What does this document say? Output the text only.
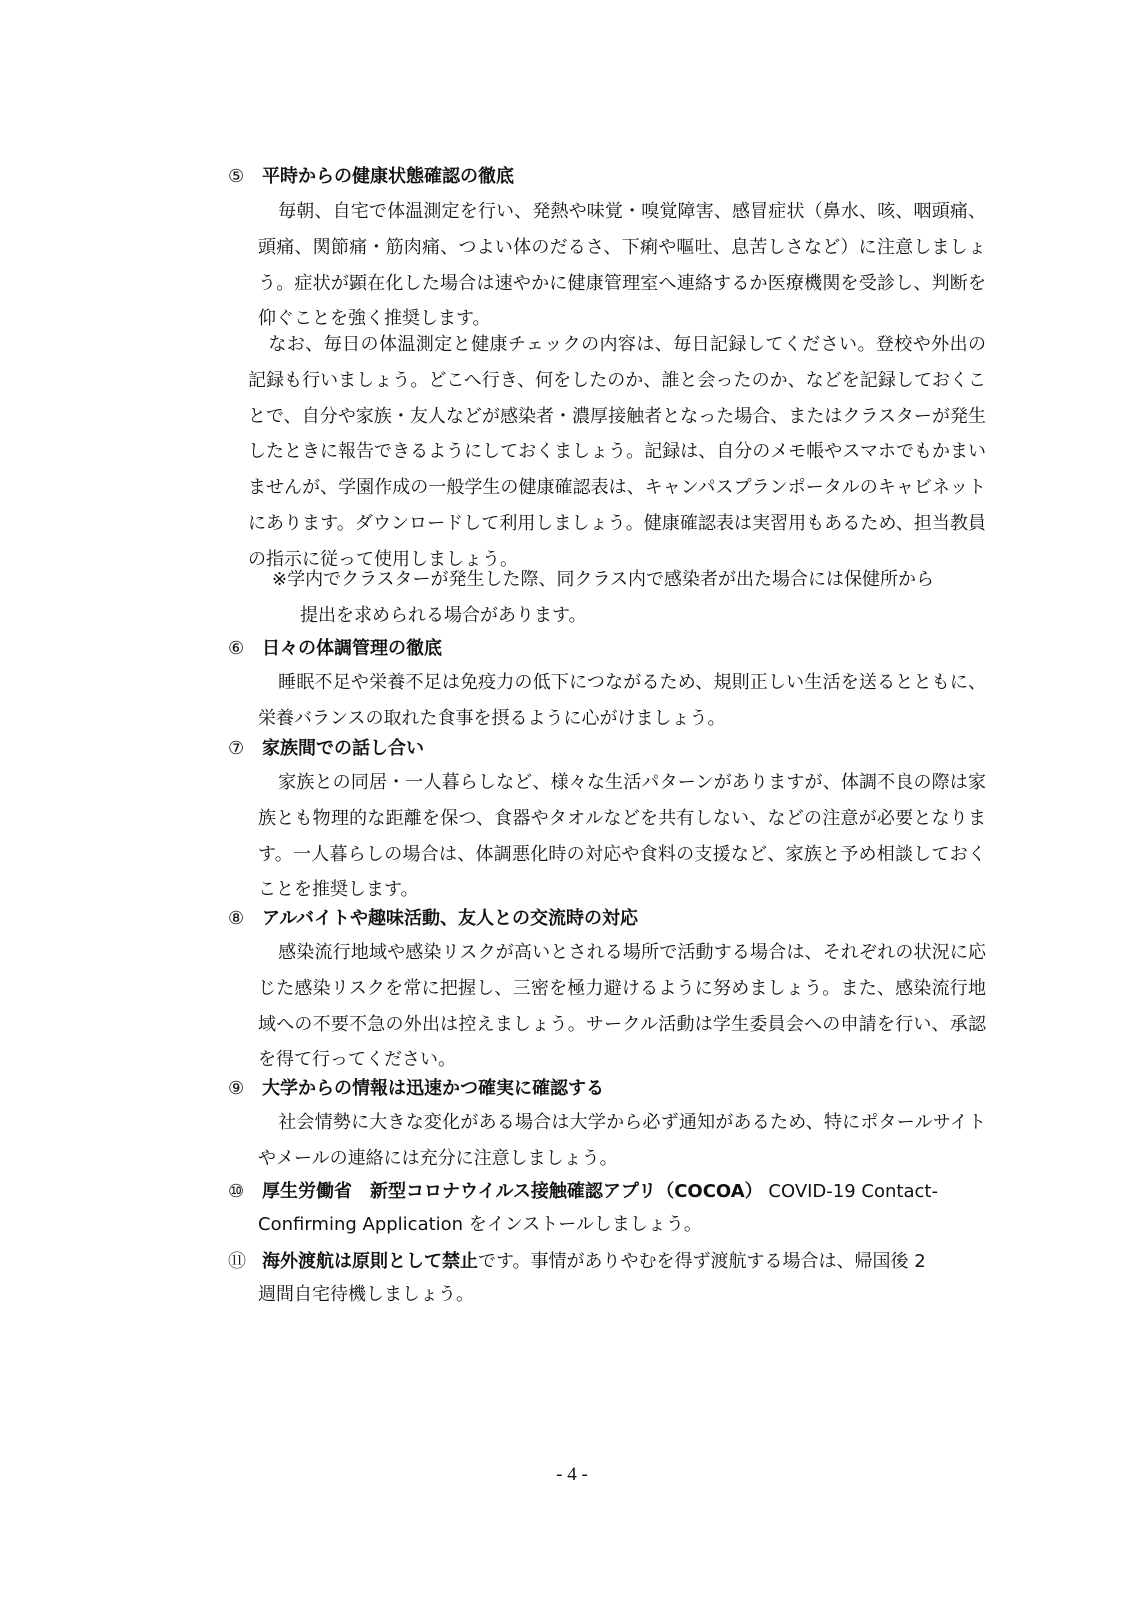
⑤ 平時からの健康状態確認の徹底
毎朝、自宅で体温測定を行い、発熱や味覚・嗅覚障害、感冒症状（鼻水、咳、咽頭痛、頭痛、関節痛・筋肉痛、つよい体のだるさ、下痢や嘔吐、息苦しさなど）に注意しましょう。症状が顕在化した場合は速やかに健康管理室へ連絡するか医療機関を受診し、判断を仰ぐことを強く推奨します。
なお、毎日の体温測定と健康チェックの内容は、毎日記録してください。登校や外出の記録も行いましょう。どこへ行き、何をしたのか、誰と会ったのか、などを記録しておくことで、自分や家族・友人などが感染者・濃厚接触者となった場合、またはクラスターが発生したときに報告できるようにしておくましょう。記録は、自分のメモ帳やスマホでもかまいませんが、学園作成の一般学生の健康確認表は、キャンパスプランポータルのキャビネットにあります。ダウンロードして利用しましょう。健康確認表は実習用もあるため、担当教員の指示に従って使用しましょう。
※学内でクラスターが発生した際、同クラス内で感染者が出た場合には保健所から
提出を求められる場合があります。
⑥ 日々の体調管理の徹底
睡眠不足や栄養不足は免疫力の低下につながるため、規則正しい生活を送るとともに、栄養バランスの取れた食事を摂るように心がけましょう。
⑦ 家族間での話し合い
家族との同居・一人暮らしなど、様々な生活パターンがありますが、体調不良の際は家族とも物理的な距離を保つ、食器やタオルなどを共有しない、などの注意が必要となります。一人暮らしの場合は、体調悪化時の対応や食料の支援など、家族と予め相談しておくことを推奨します。
⑧ アルバイトや趣味活動、友人との交流時の対応
感染流行地域や感染リスクが高いとされる場所で活動する場合は、それぞれの状況に応じた感染リスクを常に把握し、三密を極力避けるように努めましょう。また、感染流行地域への不要不急の外出は控えましょう。サークル活動は学生委員会への申請を行い、承認を得て行ってください。
⑨ 大学からの情報は迅速かつ確実に確認する
社会情勢に大きな変化がある場合は大学から必ず通知があるため、特にポタールサイトやメールの連絡には充分に注意しましょう。
⑩ 厚生労働省　新型コロナウイルス接触確認アプリ（COCOA） COVID-19 Contact-
Confirming Application をインストールしましょう。
⑪ 海外渡航は原則として禁止です。事情がありやむを得ず渡航する場合は、帰国後 2
週間自宅待機しましょう。
- 4 -
